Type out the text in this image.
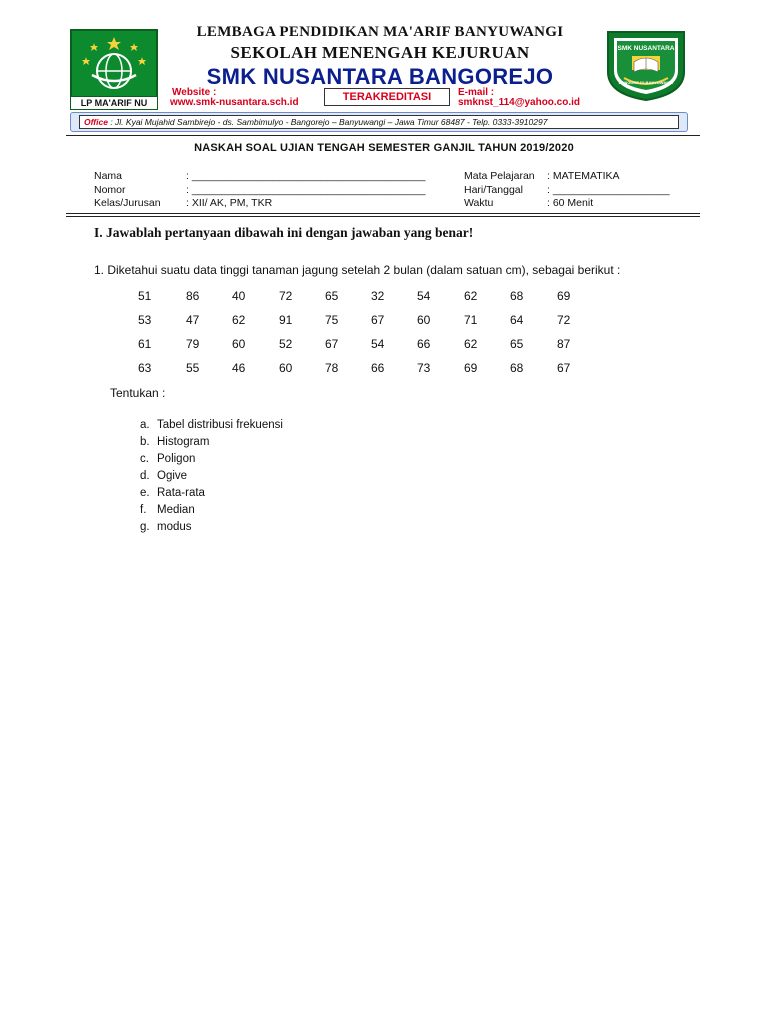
LP MA'ARIF NU
SMK NUSANTARA
BANGOREJO BANYUWANGI
LEMBAGA PENDIDIKAN MA'ARIF BANYUWANGI
SEKOLAH MENENGAH KEJURUAN
SMK NUSANTARA BANGOREJO
Website :
www.smk-nusantara.sch.id	TERAKREDITASI	E-mail :
smknst_114@yahoo.co.id
Office : Jl. Kyai Mujahid Sambirejo - ds. Sambimulyo - Bangorejo – Banyuwangi – Jawa Timur 68487 - Telp. 0333-3910297
NASKAH SOAL UJIAN TENGAH SEMESTER GANJIL TAHUN 2019/2020
Nama	: ________________________________________
Nomor	: ________________________________________
Kelas/Jurusan : XII/ AK, PM, TKR
Mata Pelajaran : MATEMATIKA
Hari/Tanggal : ____________________
Waktu	: 60 Menit
I. Jawablah pertanyaan dibawah ini dengan jawaban yang benar!
1. Diketahui suatu data tinggi tanaman jagung setelah 2 bulan (dalam satuan cm), sebagai berikut :
51	86	40	72	65	32	54	62	68	69
53	47	62	91	75	67	60	71	64	72
61	79	60	52	67	54	66	62	65	87
63	55	46	60	78	66	73	69	68	67
Tentukan :
a. Tabel distribusi frekuensi
b. Histogram
c. Poligon
d. Ogive
e. Rata-rata
f. Median
g. modus
